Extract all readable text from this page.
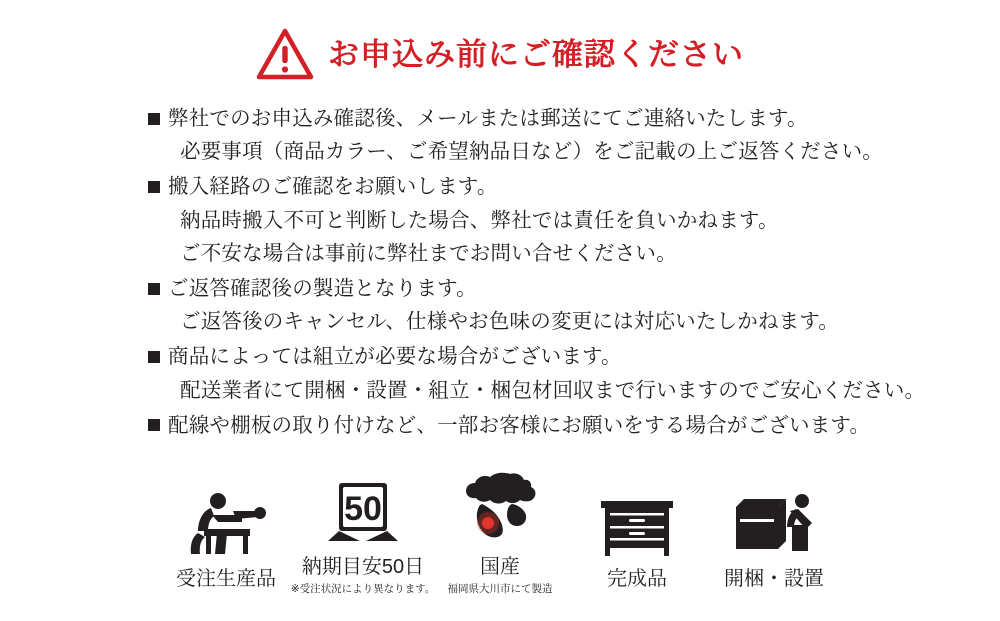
お申込み前にご確認ください
弊社でのお申込み確認後、メールまたは郵送にてご連絡いたします。
必要事項（商品カラー、ご希望納品日など）をご記載の上ご返答ください。
搬入経路のご確認をお願いします。
納品時搬入不可と判断した場合、弊社では責任を負いかねます。
ご不安な場合は事前に弊社までお問い合せください。
ご返答確認後の製造となります。
ご返答後のキャンセル、仕様やお色味の変更には対応いたしかねます。
商品によっては組立が必要な場合がございます。
配送業者にて開梱・設置・組立・梱包材回収まで行いますのでご安心ください。
配線や棚板の取り付けなど、一部お客様にお願いをする場合がございます。
受注生産品
50
納期目安50日
※受注状況により異なります。
国産
福岡県大川市にて製造	完成品	開梱・設置
